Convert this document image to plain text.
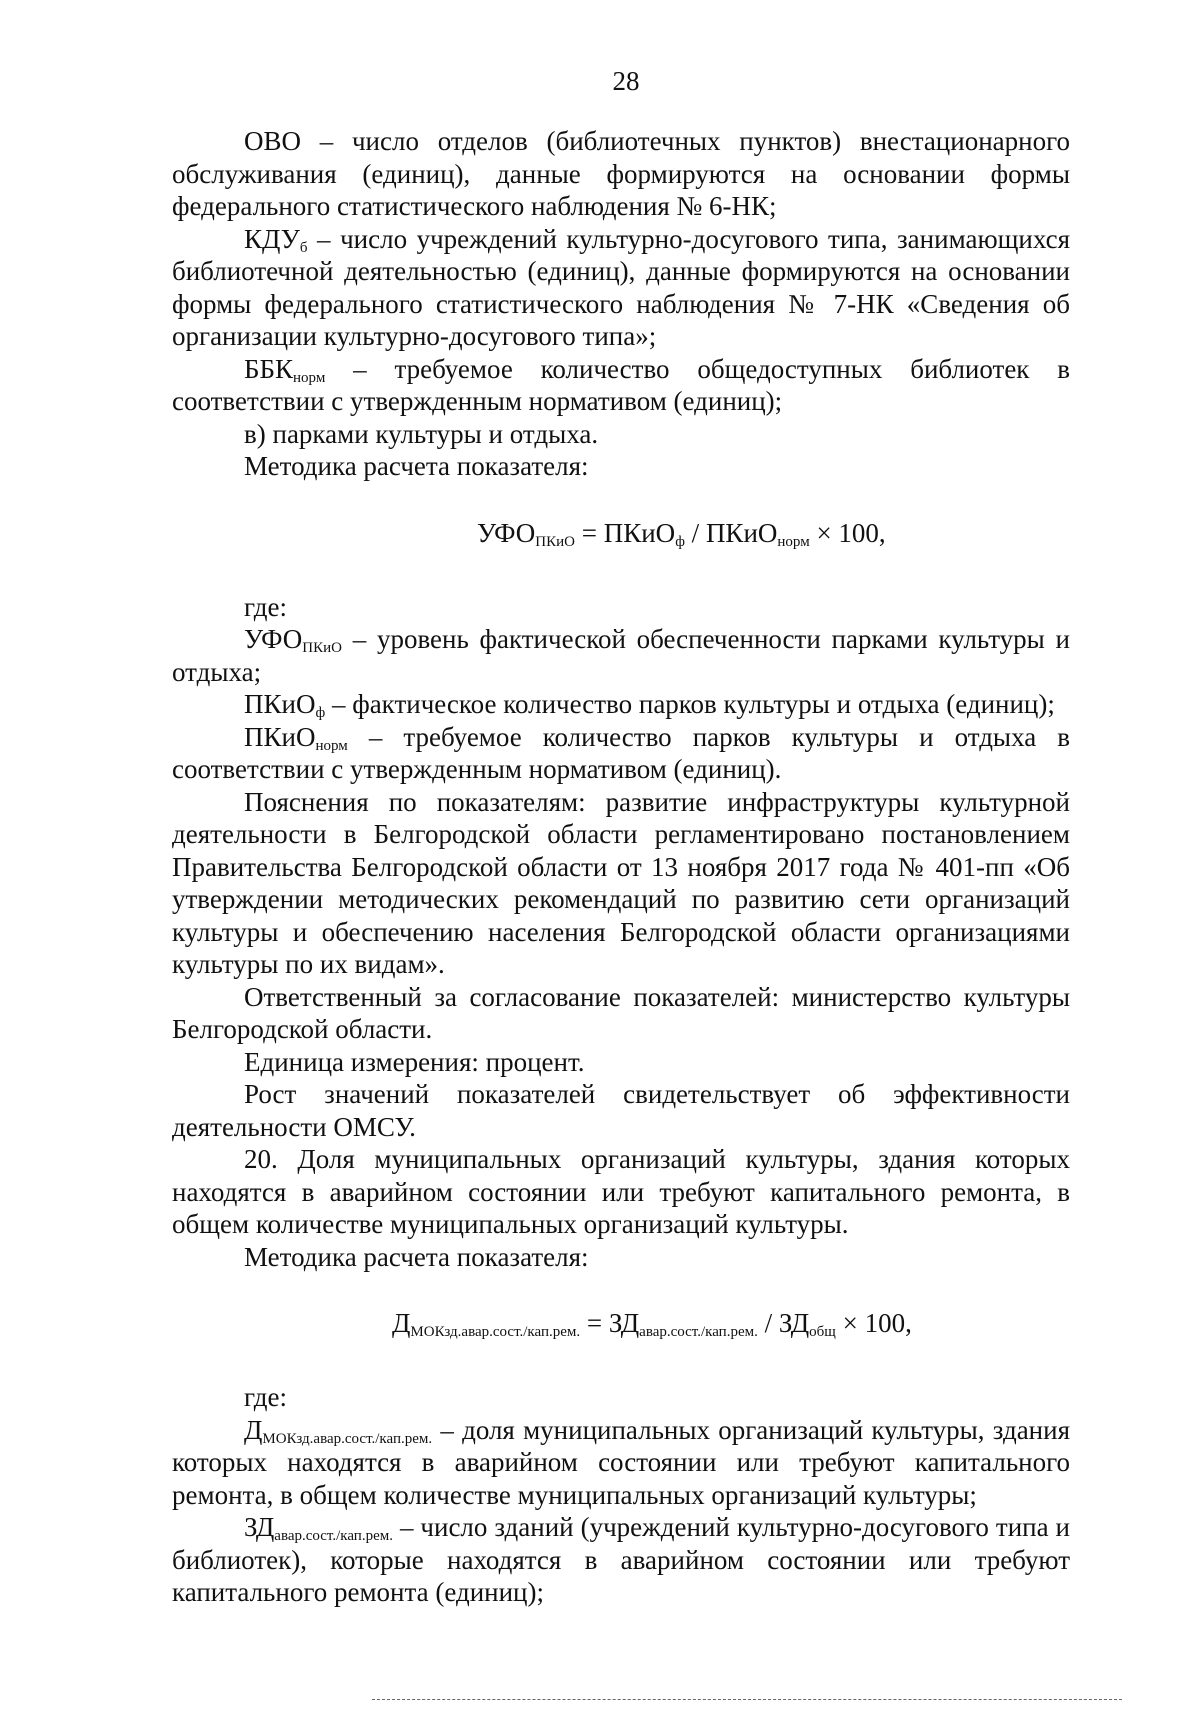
28

ОВО – число отделов (библиотечных пунктов) внестационарного обслуживания (единиц), данные формируются на основании формы федерального статистического наблюдения № 6-НК;

$КДУ_б$ – число учреждений культурно-досугового типа, занимающихся библиотечной деятельностью (единиц), данные формируются на основании формы федерального статистического наблюдения № 7-НК «Сведения об организации культурно-досугового типа»;

$ББК_{норм}$ – требуемое количество общедоступных библиотек в соответствии с утвержденным нормативом (единиц);

в) парками культуры и отдыха.

Методика расчета показателя:

$УФО_{ПКиО}$ = ПКиО$_ф$ / ПКиО$_{норм}$ × 100,

где:

$УФО_{ПКиО}$ – уровень фактической обеспеченности парками культуры и отдыха;

ПКиО$_ф$ – фактическое количество парков культуры и отдыха (единиц);

ПКиО$_{норм}$ – требуемое количество парков культуры и отдыха в соответствии с утвержденным нормативом (единиц).

Пояснения по показателям: развитие инфраструктуры культурной деятельности в Белгородской области регламентировано постановлением Правительства Белгородской области от 13 ноября 2017 года № 401-пп «Об утверждении методических рекомендаций по развитию сети организаций культуры и обеспечению населения Белгородской области организациями культуры по их видам».

Ответственный за согласование показателей: министерство культуры Белгородской области.

Единица измерения: процент.

Рост значений показателей свидетельствует об эффективности деятельности ОМСУ.

20. Доля муниципальных организаций культуры, здания которых находятся в аварийном состоянии или требуют капитального ремонта, в общем количестве муниципальных организаций культуры.

Методика расчета показателя:

$Д_{МОКзд.авар.сост./кап.рем.} = ЗД_{авар.сост./кап.рем.} / ЗД_{общ} \times 100$,

где:

$Д_{МОКзд.авар.сост./кап.рем.}$ – доля муниципальных организаций культуры, здания которых находятся в аварийном состоянии или требуют капитального ремонта, в общем количестве муниципальных организаций культуры;

$ЗД_{авар.сост./кап.рем.}$ – число зданий (учреждений культурно-досугового типа и библиотек), которые находятся в аварийном состоянии или требуют капитального ремонта (единиц);
